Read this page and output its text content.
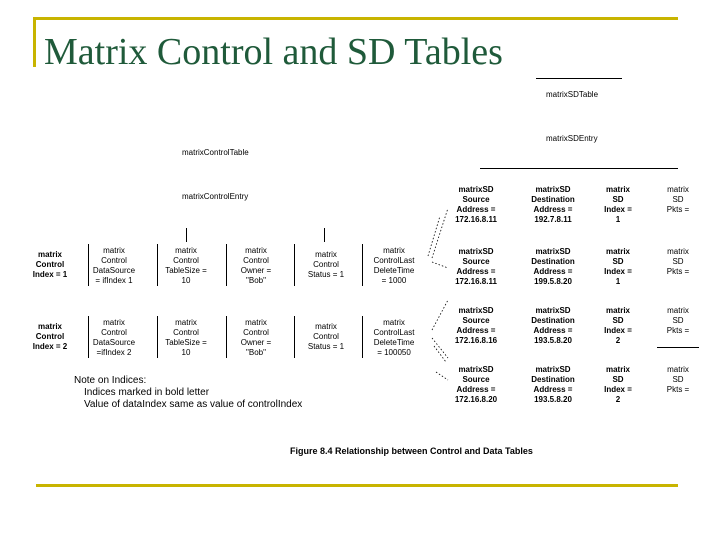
Matrix Control and SD Tables
matrixSDTable
matrixSDEntry
matrixControlTable
matrixControlEntry
matrix
Control
Index = 1
matrix
Control
DataSource
= ifIndex 1
matrix
Control
TableSize =
10
matrix
Control
Owner =
"Bob"
matrix
Control
Status = 1
matrix
ControlLast
DeleteTime
= 1000
matrix
Control
Index = 2
matrix
Control
DataSource
=ifIndex 2
matrix
Control
TableSize =
10
matrix
Control
Owner =
"Bob"
matrix
Control
Status = 1
matrix
ControlLast
DeleteTime
= 100050
matrixSD
Source
Address =
172.16.8.11
matrixSD
Destination
Address =
192.7.8.11
matrix
SD
Index =
1
matrix
SD
Pkts =
matrixSD
Source
Address =
172.16.8.11
matrixSD
Destination
Address =
199.5.8.20
matrix
SD
Index =
1
matrix
SD
Pkts =
matrixSD
Source
Address =
172.16.8.16
matrixSD
Destination
Address =
193.5.8.20
matrix
SD
Index =
2
matrix
SD
Pkts =
matrixSD
Source
Address =
172.16.8.20
matrixSD
Destination
Address =
193.5.8.20
matrix
SD
Index =
2
matrix
SD
Pkts =
Note on Indices:
Indices marked in bold letter
Value of dataIndex same as value of controlIndex
Figure 8.4 Relationship between Control and Data Tables
